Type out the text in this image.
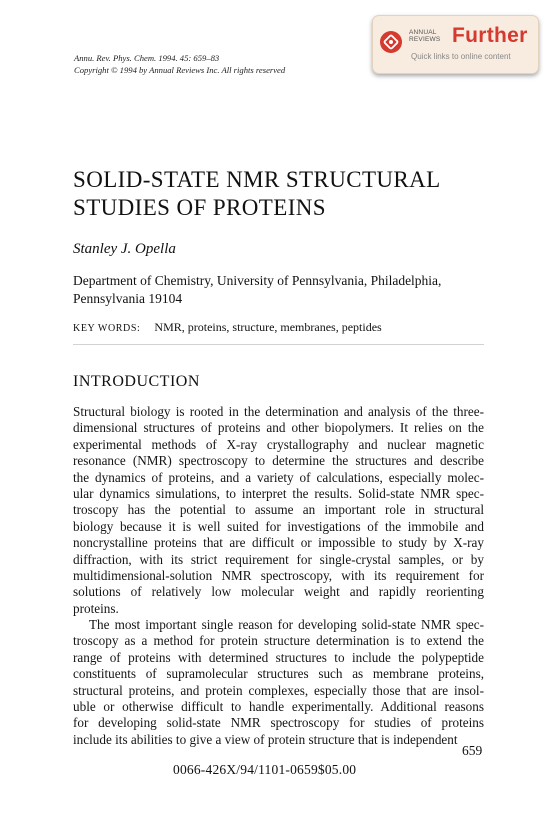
Annu. Rev. Phys. Chem. 1994. 45: 659–83
Copyright © 1994 by Annual Reviews Inc. All rights reserved
ANNUAL
REVIEWS Further
Quick links to online content
SOLID-STATE NMR STRUCTURAL
STUDIES OF PROTEINS
Stanley J. Opella
Department of Chemistry, University of Pennsylvania, Philadelphia,
Pennsylvania 19104
KEY WORDS: NMR, proteins, structure, membranes, peptides
INTRODUCTION
Structural biology is rooted in the determination and analysis of the three-
dimensional structures of proteins and other biopolymers. It relies on the
experimental methods of X-ray crystallography and nuclear magnetic
resonance (NMR) spectroscopy to determine the structures and describe
the dynamics of proteins, and a variety of calculations, especially molec-
ular dynamics simulations, to interpret the results. Solid-state NMR spec-
troscopy has the potential to assume an important role in structural
biology because it is well suited for investigations of the immobile and
noncrystalline proteins that are difficult or impossible to study by X-ray
diffraction, with its strict requirement for single-crystal samples, or by
multidimensional-solution NMR spectroscopy, with its requirement for
solutions of relatively low molecular weight and rapidly reorienting
proteins.
The most important single reason for developing solid-state NMR spec-
troscopy as a method for protein structure determination is to extend the
range of proteins with determined structures to include the polypeptide
constituents of supramolecular structures such as membrane proteins,
structural proteins, and protein complexes, especially those that are insol-
uble or otherwise difficult to handle experimentally. Additional reasons
for developing solid-state NMR spectroscopy for studies of proteins
include its abilities to give a view of protein structure that is independent
659
0066-426X/94/1101-0659$05.00
